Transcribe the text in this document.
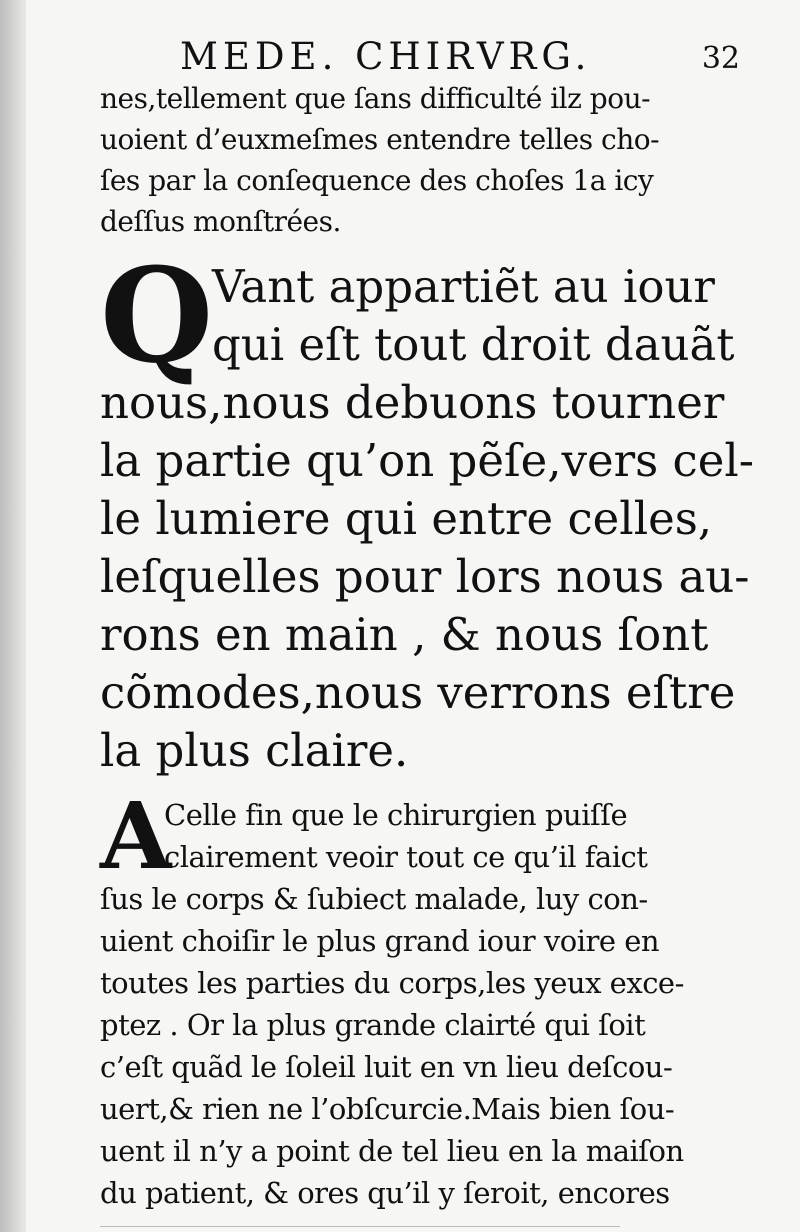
MEDE. CHIRVRG.	32

nes,tellement que ſans difficulté ilz pou-

uoient d’euxmeſmes entendre telles cho-

ſes par la conſequence des choſes 1a icy

deſſus monſtrées.

Q

Vant appartiẽt au iour

qui eſt tout droit dauãt

nous,nous debuons tourner

la partie qu’on pẽſe,vers cel-

le lumiere qui entre celles,

leſquelles pour lors nous au-

rons en main , & nous ſont

cõmodes,nous verrons eſtre

la plus claire.

A

Celle fin que le chirurgien puiſſe

clairement veoir tout ce qu’il faict

ſus le corps & ſubiect malade, luy con-

uient choiſir le plus grand iour voire en

toutes les parties du corps,les yeux exce-

ptez . Or la plus grande clairté qui ſoit

c’eſt quãd le ſoleil luit en vn lieu deſcou-

uert,& rien ne l’obſcurcie.Mais bien ſou-

uent il n’y a point de tel lieu en la maiſon

du patient, & ores qu’il y ſeroit, encores
